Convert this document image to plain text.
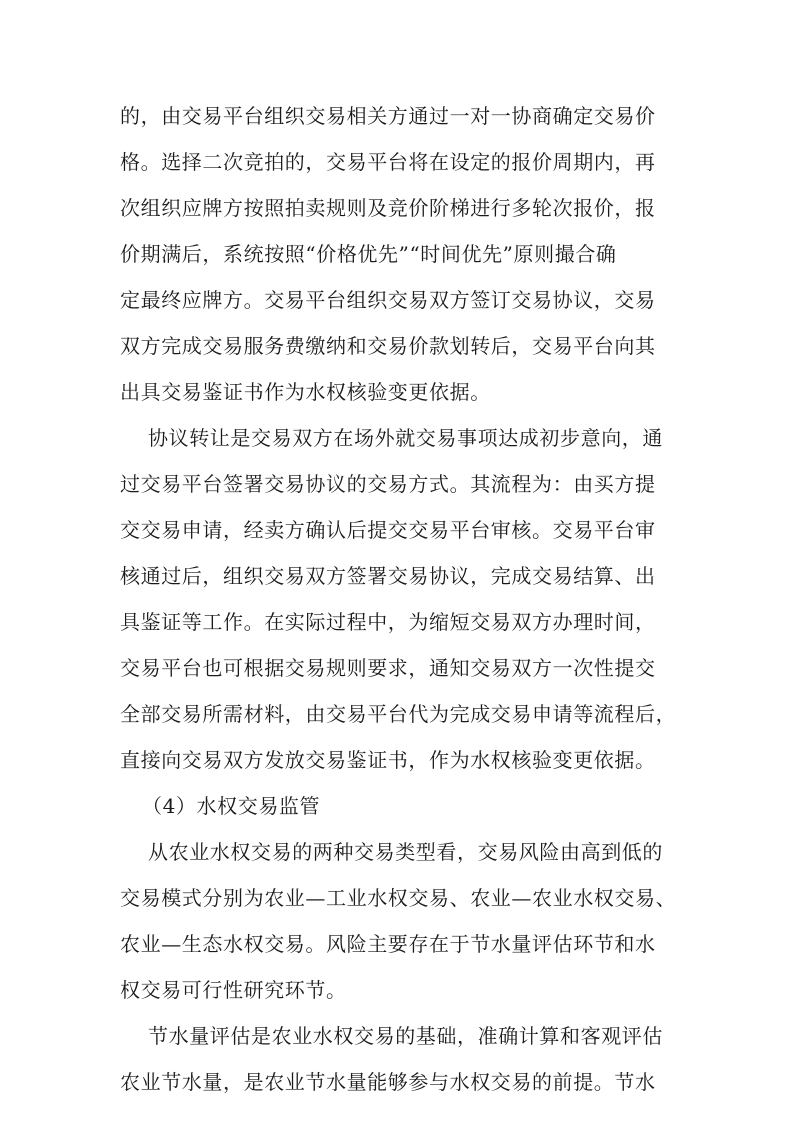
的，由交易平台组织交易相关方通过一对一协商确定交易价
格。选择二次竞拍的，交易平台将在设定的报价周期内，再
次组织应牌方按照拍卖规则及竞价阶梯进行多轮次报价，报
价期满后，系统按照“价格优先”“时间优先”原则撮合确
定最终应牌方。交易平台组织交易双方签订交易协议，交易
双方完成交易服务费缴纳和交易价款划转后，交易平台向其
出具交易鉴证书作为水权核验变更依据。
协议转让是交易双方在场外就交易事项达成初步意向，通
过交易平台签署交易协议的交易方式。其流程为：由买方提
交交易申请，经卖方确认后提交交易平台审核。交易平台审
核通过后，组织交易双方签署交易协议，完成交易结算、出
具鉴证等工作。在实际过程中，为缩短交易双方办理时间，
交易平台也可根据交易规则要求，通知交易双方一次性提交
全部交易所需材料，由交易平台代为完成交易申请等流程后，
直接向交易双方发放交易鉴证书，作为水权核验变更依据。
（4）水权交易监管
从农业水权交易的两种交易类型看，交易风险由高到低的
交易模式分别为农业—工业水权交易、农业—农业水权交易、
农业—生态水权交易。风险主要存在于节水量评估环节和水
权交易可行性研究环节。
节水量评估是农业水权交易的基础，准确计算和客观评估
农业节水量，是农业节水量能够参与水权交易的前提。节水
